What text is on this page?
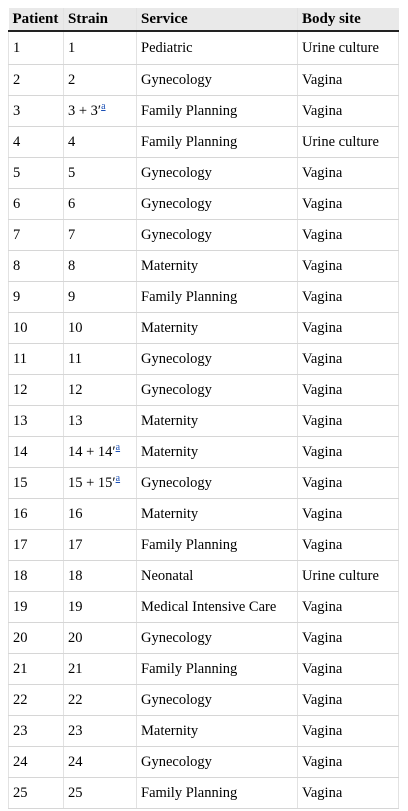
Patient	Strain	Service	Body site
1	1	Pediatric	Urine culture
2	2	Gynecology	Vagina
3	3 + 3′$^a$	Family Planning	Vagina
4	4	Family Planning	Urine culture
5	5	Gynecology	Vagina
6	6	Gynecology	Vagina
7	7	Gynecology	Vagina
8	8	Maternity	Vagina
9	9	Family Planning	Vagina
10	10	Maternity	Vagina
11	11	Gynecology	Vagina
12	12	Gynecology	Vagina
13	13	Maternity	Vagina
14	14 + 14′$^a$	Maternity	Vagina
15	15 + 15′$^a$	Gynecology	Vagina
16	16	Maternity	Vagina
17	17	Family Planning	Vagina
18	18	Neonatal	Urine culture
19	19	Medical Intensive Care	Vagina
20	20	Gynecology	Vagina
21	21	Family Planning	Vagina
22	22	Gynecology	Vagina
23	23	Maternity	Vagina
24	24	Gynecology	Vagina
25	25	Family Planning	Vagina
